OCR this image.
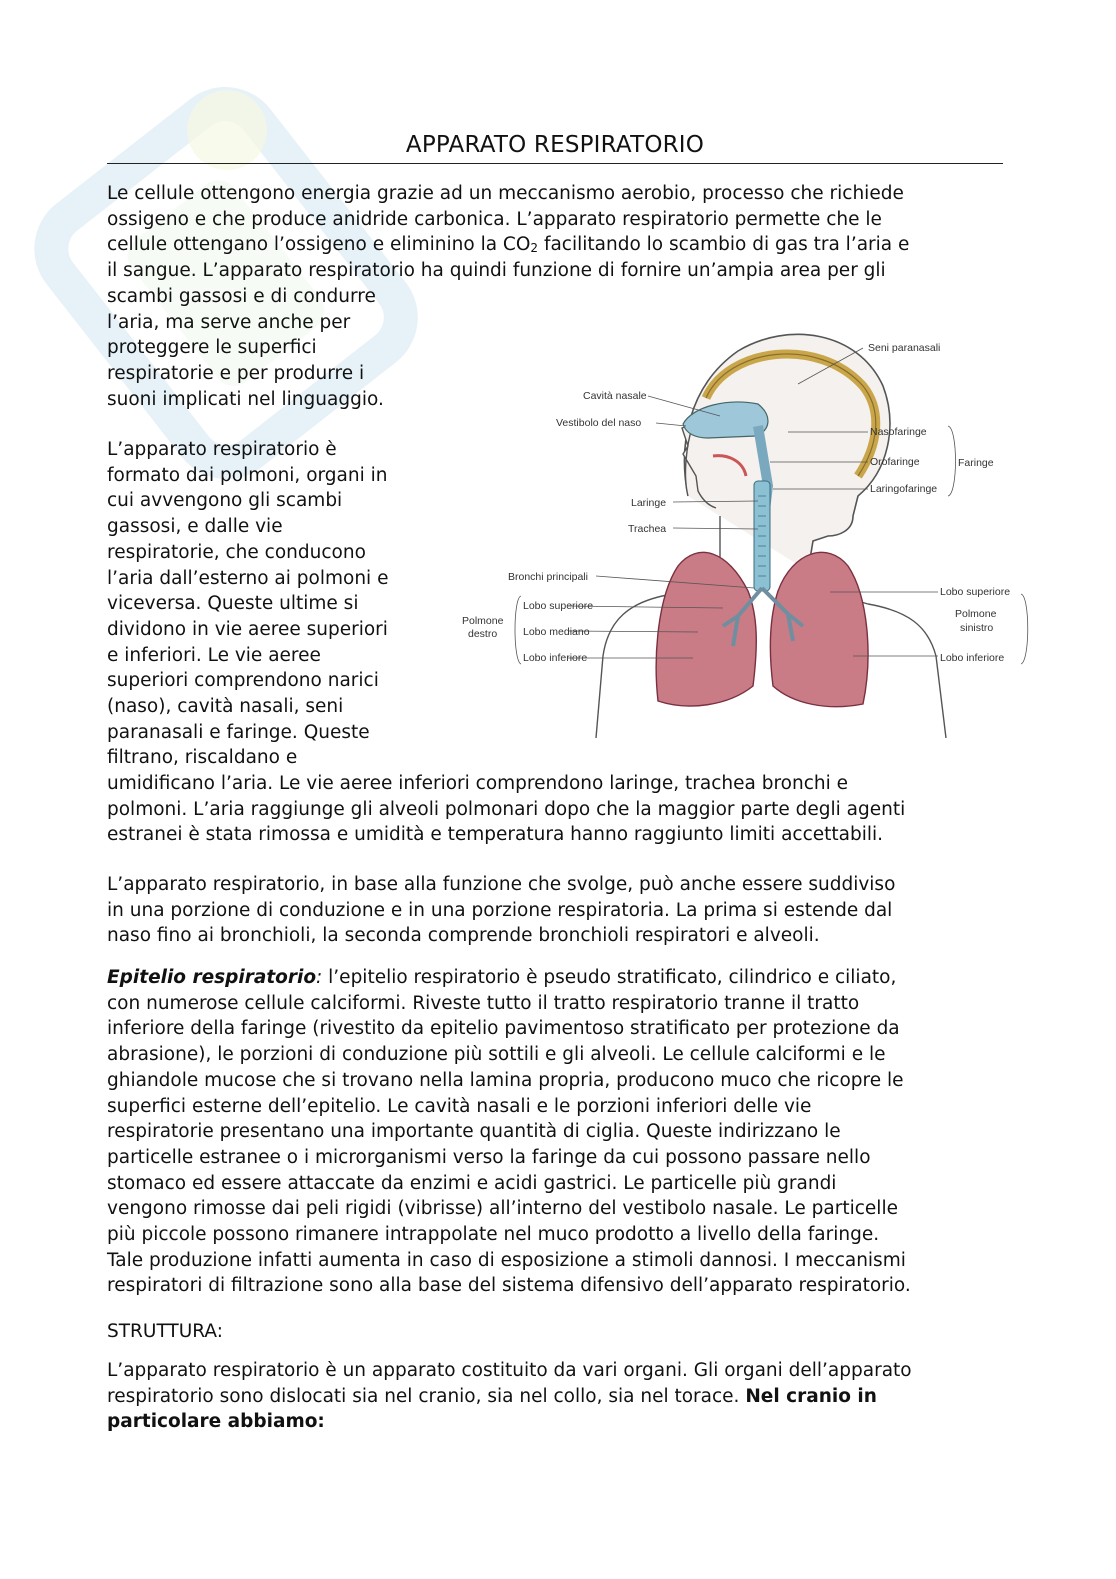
APPARATO RESPIRATORIO

Le cellule ottengono energia grazie ad un meccanismo aerobio, processo che richiede

ossigeno e che produce anidride carbonica. L’apparato respiratorio permette che le

cellule ottengano l’ossigeno e eliminino la CO2 facilitando lo scambio di gas tra l’aria e

il sangue. L’apparato respiratorio ha quindi funzione di fornire un’ampia area per gli

scambi gassosi e di condurre

l’aria, ma serve anche per

proteggere le superfici

respiratorie e per produrre i

suoni implicati nel linguaggio.

L’apparato respiratorio è

formato dai polmoni, organi in

cui avvengono gli scambi

gassosi, e dalle vie

respiratorie, che conducono

l’aria dall’esterno ai polmoni e

viceversa. Queste ultime si

dividono in vie aeree superiori

e inferiori. Le vie aeree

superiori comprendono narici

(naso), cavità nasali, seni

paranasali e faringe. Queste

filtrano, riscaldano e

umidificano l’aria. Le vie aeree inferiori comprendono laringe, trachea bronchi e

polmoni. L’aria raggiunge gli alveoli polmonari dopo che la maggior parte degli agenti

estranei è stata rimossa e umidità e temperatura hanno raggiunto limiti accettabili.

L’apparato respiratorio, in base alla funzione che svolge, può anche essere suddiviso

in una porzione di conduzione e in una porzione respiratoria. La prima si estende dal

naso fino ai bronchioli, la seconda comprende bronchioli respiratori e alveoli.

Epitelio respiratorio: l’epitelio respiratorio è pseudo stratificato, cilindrico e ciliato,

con numerose cellule calciformi. Riveste tutto il tratto respiratorio tranne il tratto

inferiore della faringe (rivestito da epitelio pavimentoso stratificato per protezione da

abrasione), le porzioni di conduzione più sottili e gli alveoli. Le cellule calciformi e le

ghiandole mucose che si trovano nella lamina propria, producono muco che ricopre le

superfici esterne dell’epitelio. Le cavità nasali e le porzioni inferiori delle vie

respiratorie presentano una importante quantità di ciglia. Queste indirizzano le

particelle estranee o i microrganismi verso la faringe da cui possono passare nello

stomaco ed essere attaccate da enzimi e acidi gastrici. Le particelle più grandi

vengono rimosse dai peli rigidi (vibrisse) all’interno del vestibolo nasale. Le particelle

più piccole possono rimanere intrappolate nel muco prodotto a livello della faringe.

Tale produzione infatti aumenta in caso di esposizione a stimoli dannosi. I meccanismi

respiratori di filtrazione sono alla base del sistema difensivo dell’apparato respiratorio.

STRUTTURA:

L’apparato respiratorio è un apparato costituito da vari organi. Gli organi dell’apparato

respiratorio sono dislocati sia nel cranio, sia nel collo, sia nel torace. Nel cranio in

particolare abbiamo:

Seni paranasali
Cavità nasale
Vestibolo del naso
Nasofaringe
Orofaringe
Laringofaringe
Faringe
Laringe
Trachea
Bronchi principali
Lobo superiore
Lobo mediano
Lobo inferiore
Polmone
destro
Lobo superiore
Polmone
sinistro
Lobo inferiore
